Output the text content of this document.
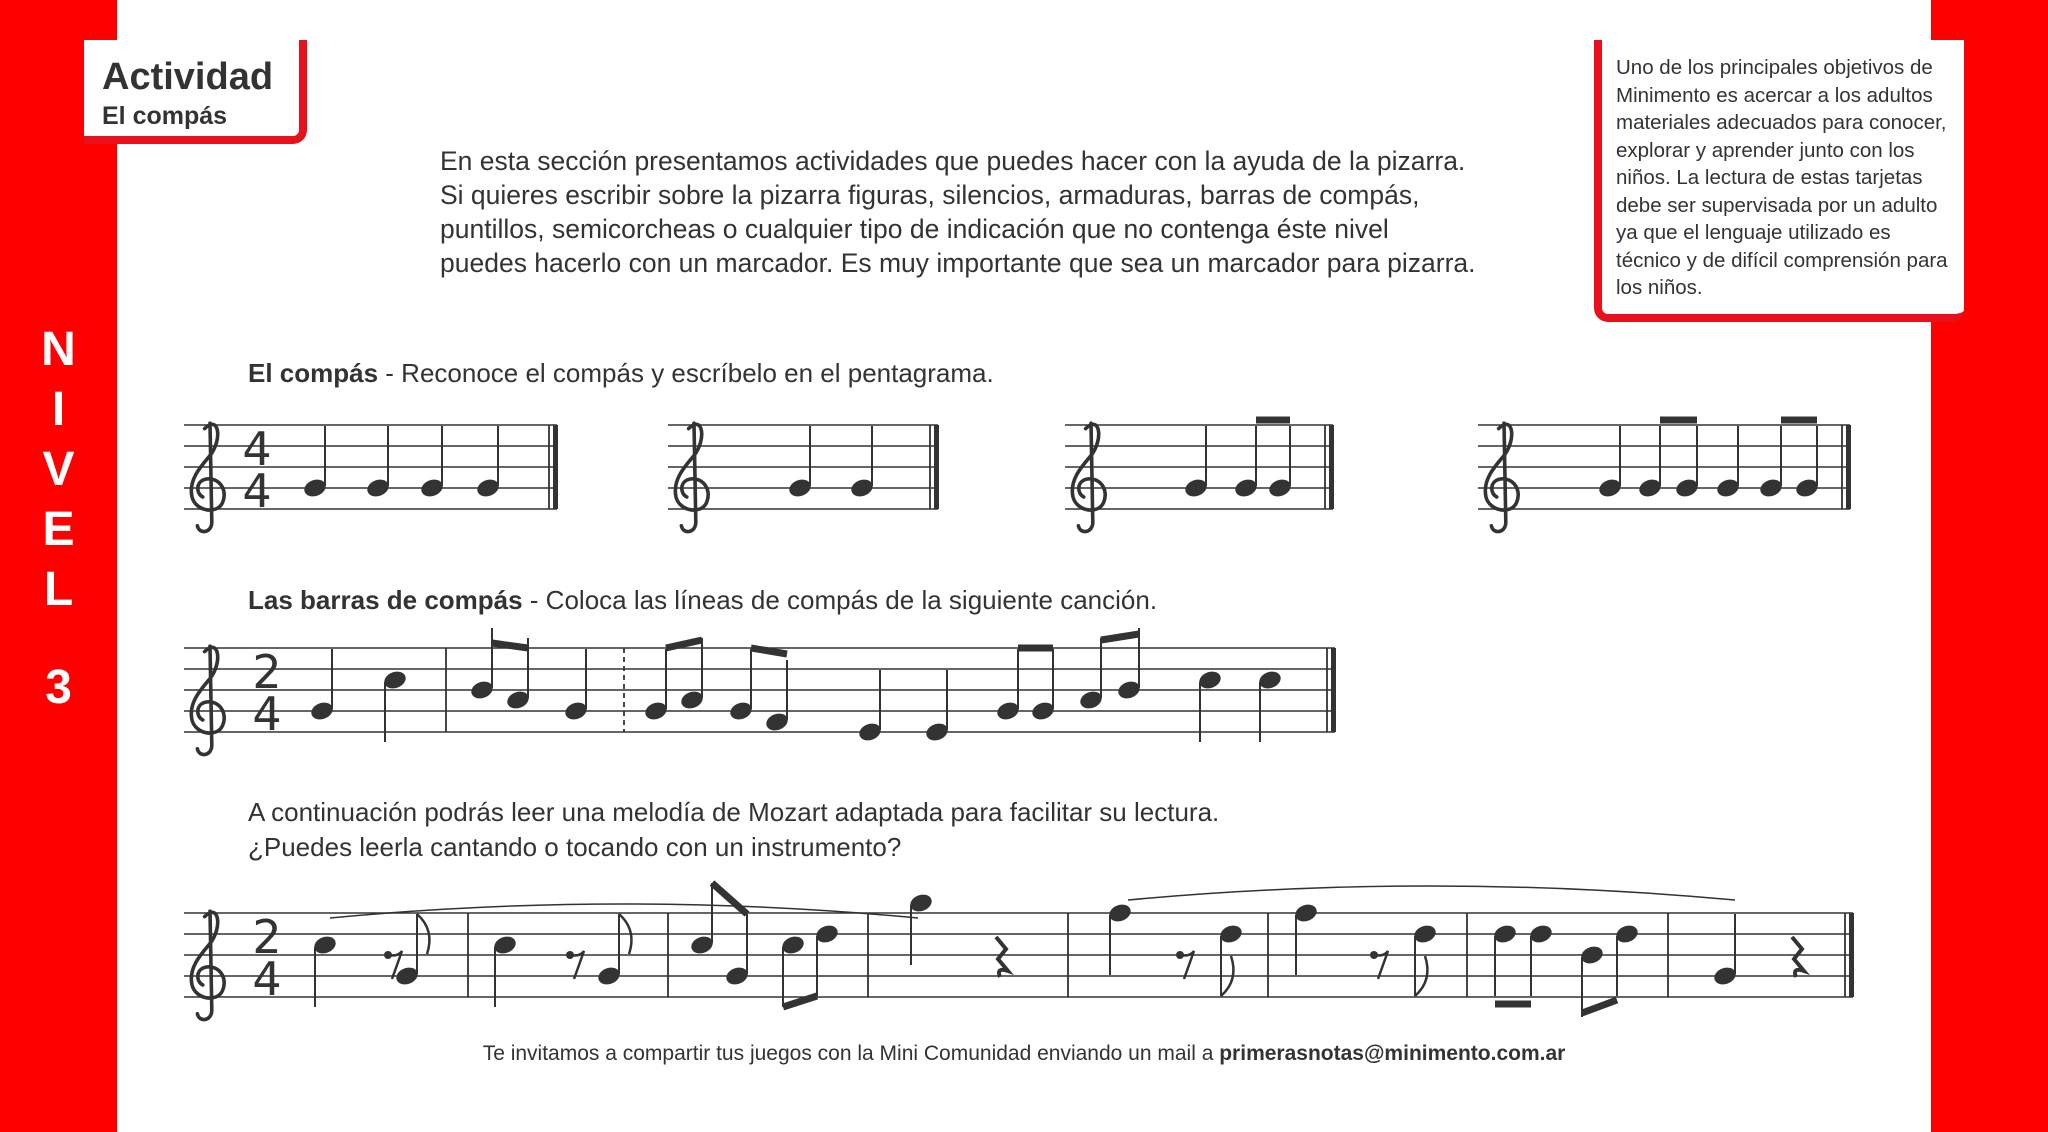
N
I
V
E
L
3
Actividad
El compás
Uno de los principales objetivos de Minimento es acercar a los adultos materiales adecuados para conocer, explorar y aprender junto con los niños. La lectura de estas tarjetas debe ser supervisada por un adulto ya que el lenguaje utilizado es técnico y de difícil comprensión para los niños.

En esta sección presentamos actividades que puedes hacer con la ayuda de la pizarra.

Si quieres escribir sobre la pizarra figuras, silencios, armaduras, barras de compás,

puntillos, semicorcheas o cualquier tipo de indicación que no contenga éste nivel

puedes hacerlo con un marcador. Es muy importante que sea un marcador para pizarra.

El compás - Reconoce el compás y escríbelo en el pentagrama.
Las barras de compás - Coloca las líneas de compás de la siguiente canción.
A continuación podrás leer una melodía de Mozart adaptada para facilitar su lectura.
¿Puedes leerla cantando o tocando con un instrumento?
Te invitamos a compartir tus juegos con la Mini Comunidad enviando un mail a primerasnotas@minimento.com.ar
4
4
2
4
2
4
